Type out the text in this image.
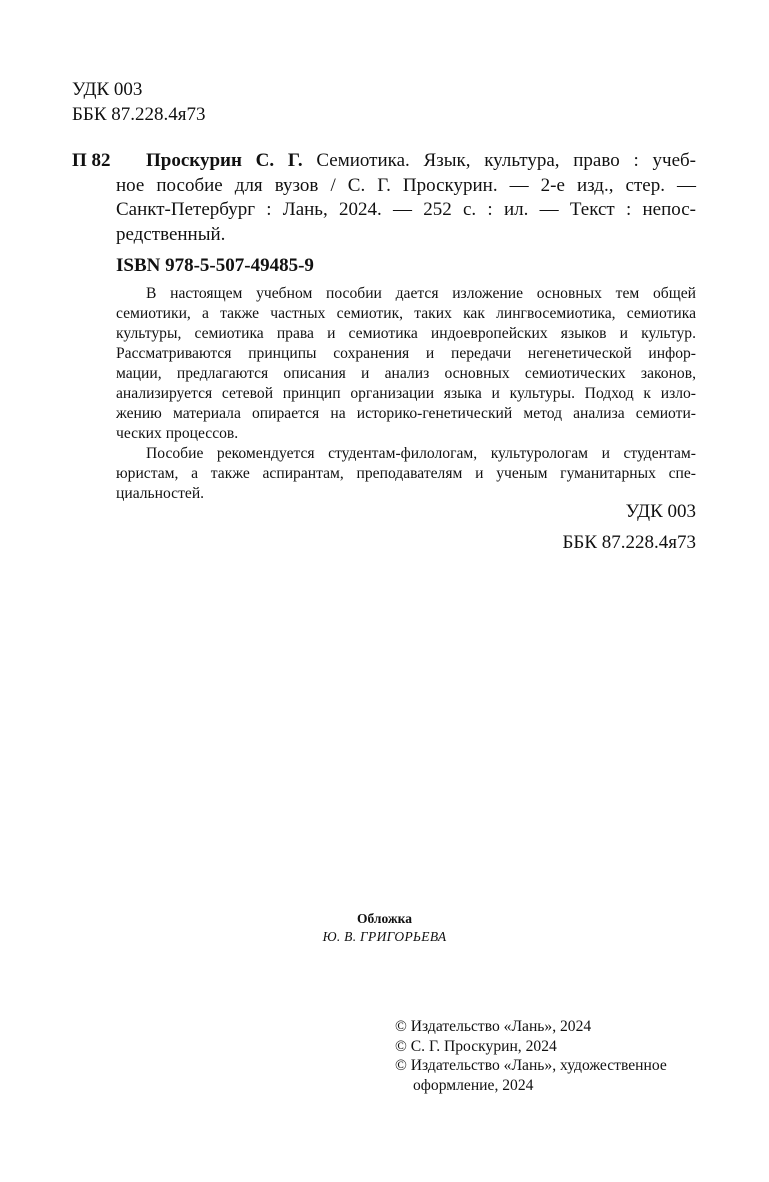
УДК 003
ББК 87.228.4я73
П 82	Проскурин С. Г. Семиотика. Язык, культура, право : учеб-
ное пособие для вузов / С. Г. Проскурин. — 2-е изд., стер. —
Санкт-Петербург : Лань, 2024. — 252 с. : ил. — Текст : непос-
редственный.
ISBN 978-5-507-49485-9
В настоящем учебном пособии дается изложение основных тем общей
семиотики, а также частных семиотик, таких как лингвосемиотика, семиотика
культуры, семиотика права и семиотика индоевропейских языков и культур.
Рассматриваются принципы сохранения и передачи негенетической инфор-
мации, предлагаются описания и анализ основных семиотических законов,
анализируется сетевой принцип организации языка и культуры. Подход к изло-
жению материала опирается на историко-генетический метод анализа семиоти-
ческих процессов.
Пособие рекомендуется студентам-филологам, культурологам и студентам-
юристам, а также аспирантам, преподавателям и ученым гуманитарных спе-
циальностей.
УДК 003
ББК 87.228.4я73
Обложка
Ю. В. ГРИГОРЬЕВА
© Издательство «Лань», 2024
© С. Г. Проскурин, 2024
© Издательство «Лань», художественное
оформление, 2024
